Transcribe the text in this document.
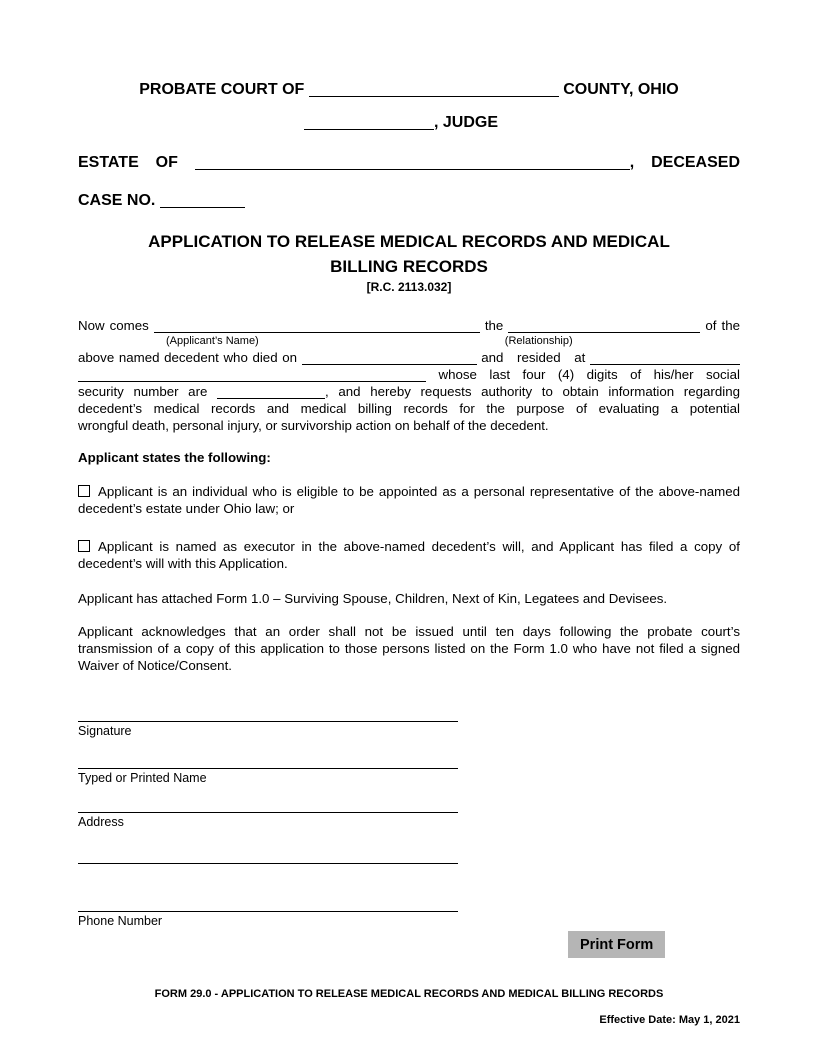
PROBATE COURT OF	COUNTY, OHIO
, JUDGE
ESTATE OF	, DECEASED
CASE NO.
APPLICATION TO RELEASE MEDICAL RECORDS AND MEDICAL
BILLING RECORDS
[R.C. 2113.032]
Now comes	the	of the
(Applicant’s Name)	(Relationship)
above named decedent who died on	and resided at
whose last four (4) digits of his/her social
security number are	, and hereby requests authority to obtain information regarding
decedent’s medical records and medical billing records for the purpose of evaluating a potential
wrongful death, personal injury, or survivorship action on behalf of the decedent.
Applicant states the following:
Applicant is an individual who is eligible to be appointed as a personal representative of the above-named decedent’s estate under Ohio law; or
Applicant is named as executor in the above-named decedent’s will, and Applicant has filed a copy of decedent’s will with this Application.
Applicant has attached Form 1.0 – Surviving Spouse, Children, Next of Kin, Legatees and Devisees.
Applicant acknowledges that an order shall not be issued until ten days following the probate court’s transmission of a copy of this application to those persons listed on the Form 1.0 who have not filed a signed Waiver of Notice/Consent.
Signature
Typed or Printed Name
Address
Phone Number
Print Form
FORM 29.0 - APPLICATION TO RELEASE MEDICAL RECORDS AND MEDICAL BILLING RECORDS
Effective Date: May 1, 2021
